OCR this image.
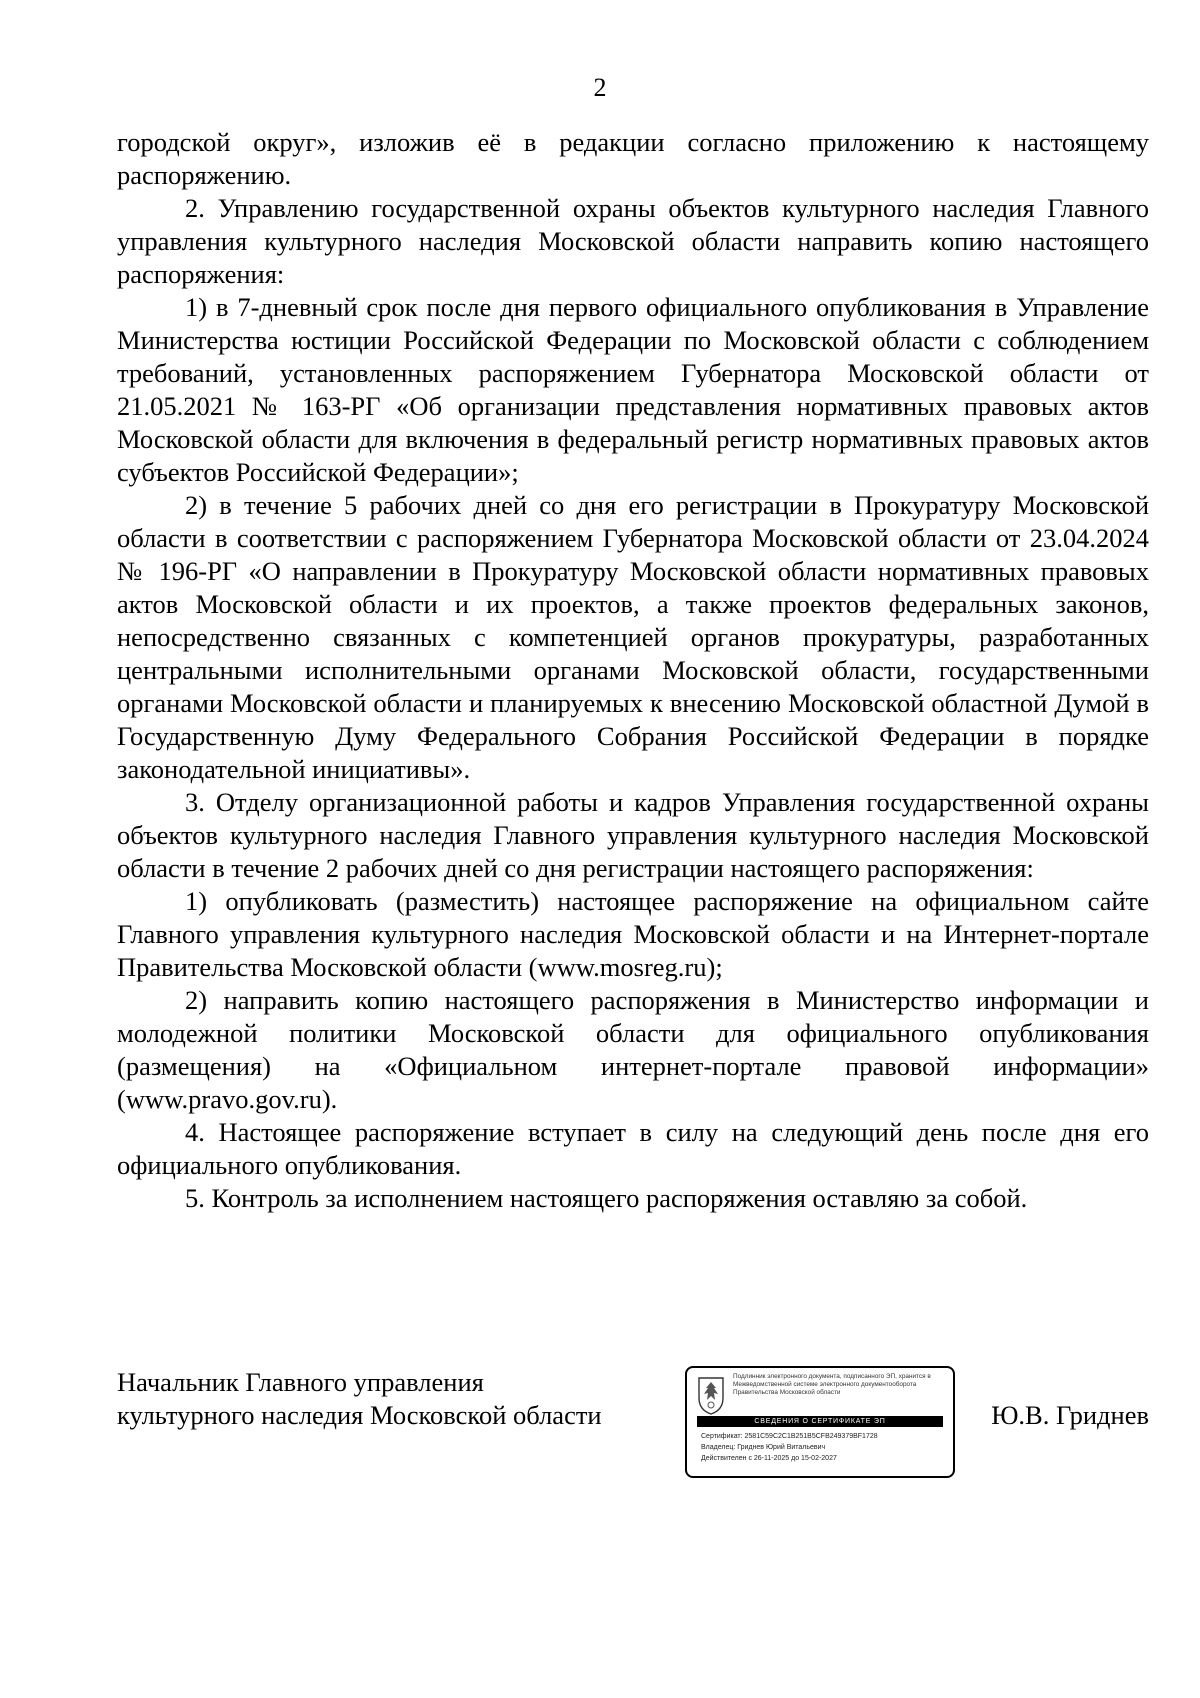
2

городской округ», изложив её в редакции согласно приложению к настоящему распоряжению.

2. Управлению государственной охраны объектов культурного наследия Главного управления культурного наследия Московской области направить копию настоящего распоряжения:

1) в 7-дневный срок после дня первого официального опубликования в Управление Министерства юстиции Российской Федерации по Московской области с соблюдением требований, установленных распоряжением Губернатора Московской области от 21.05.2021 № 163-РГ «Об организации представления нормативных правовых актов Московской области для включения в федеральный регистр нормативных правовых актов субъектов Российской Федерации»;

2) в течение 5 рабочих дней со дня его регистрации в Прокуратуру Московской области в соответствии с распоряжением Губернатора Московской области от 23.04.2024 № 196-РГ «О направлении в Прокуратуру Московской области нормативных правовых актов Московской области и их проектов, а также проектов федеральных законов, непосредственно связанных с компетенцией органов прокуратуры, разработанных центральными исполнительными органами Московской области, государственными органами Московской области и планируемых к внесению Московской областной Думой в Государственную Думу Федерального Собрания Российской Федерации в порядке законодательной инициативы».

3. Отделу организационной работы и кадров Управления государственной охраны объектов культурного наследия Главного управления культурного наследия Московской области в течение 2 рабочих дней со дня регистрации настоящего распоряжения:

1) опубликовать (разместить) настоящее распоряжение на официальном сайте Главного управления культурного наследия Московской области и на Интернет-портале Правительства Московской области (www.mosreg.ru);

2) направить копию настоящего распоряжения в Министерство информации и молодежной политики Московской области для официального опубликования (размещения) на «Официальном интернет-портале правовой информации» (www.pravo.gov.ru).

4. Настоящее распоряжение вступает в силу на следующий день после дня его официального опубликования.

5. Контроль за исполнением настоящего распоряжения оставляю за собой.

Начальник Главного управления
культурного наследия Московской области
Подлинник электронного документа, подписанного ЭП, хранится в Межведомственной системе электронного документооборота Правительства Московской области
СВЕДЕНИЯ О СЕРТИФИКАТЕ ЭП
Сертификат: 2581C59C2C1B251B5CFB249379BF1728
Владелец: Гриднев Юрий Витальевич
Действителен с 26-11-2025 до 15-02-2027
Ю.В. Гриднев
